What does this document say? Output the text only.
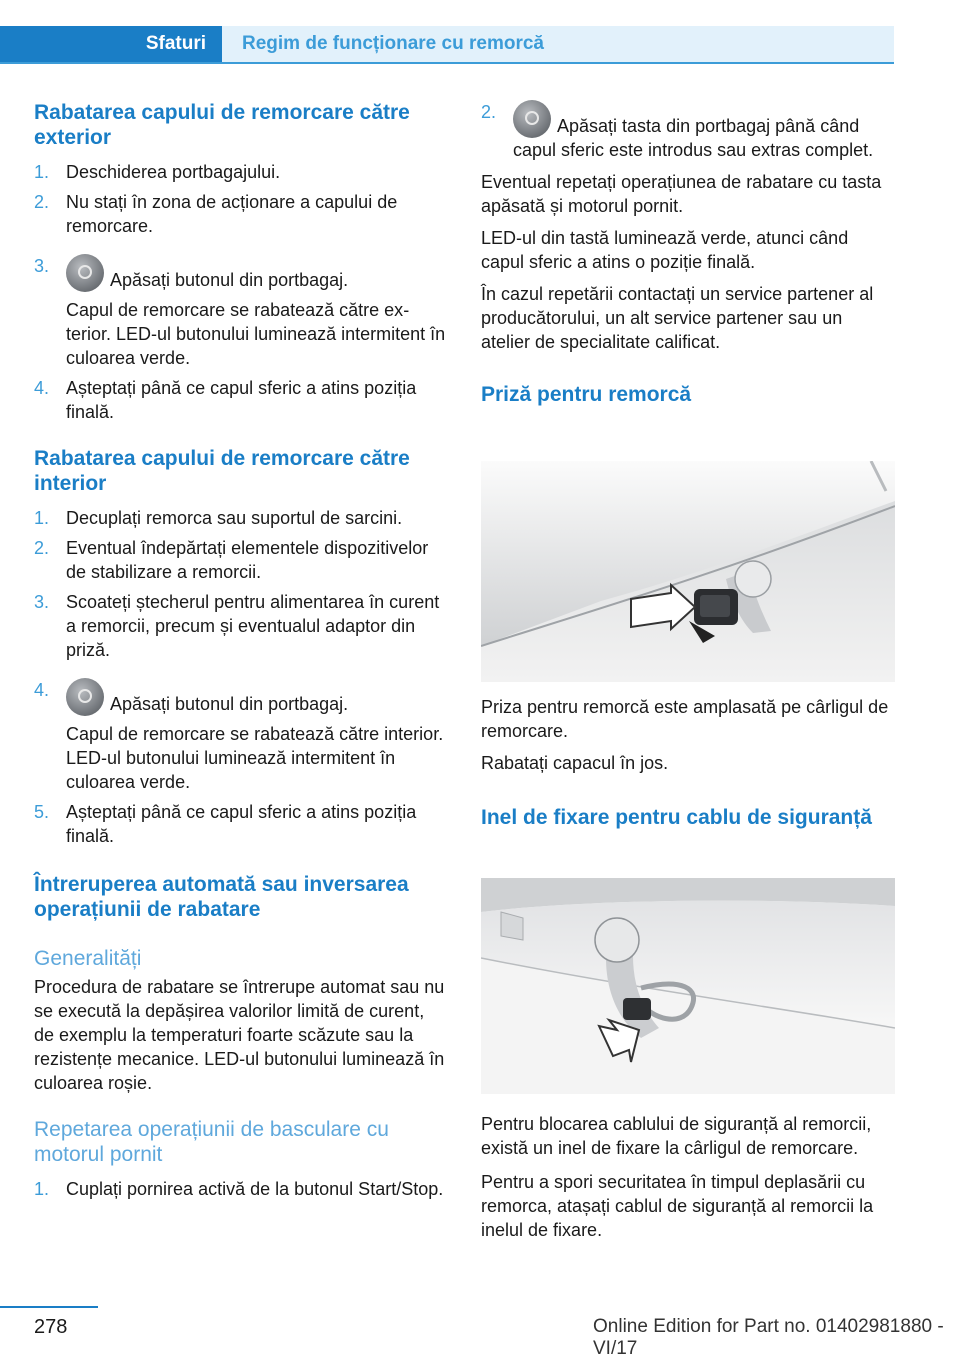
Sfaturi Regim de funcționare cu remorcă
Rabatarea capului de remorcare către exterior
1. Deschiderea portbagajului.
2. Nu stați în zona de acționare a capului de remorcare.
3.
Apăsați butonul din portbagaj.
Capul de remorcare se rabatează către exterior. LED-ul butonului luminează intermitent în culoarea verde.
4. Așteptați până ce capul sferic a atins poziția finală.
Rabatarea capului de remorcare către interior
1. Decuplați remorca sau suportul de sarcini.
2. Eventual îndepărtați elementele dispozitivelor de stabilizare a remorcii.
3. Scoateți ștecherul pentru alimentarea în curent a remorcii, precum și eventualul adaptor din priză.
4.
Apăsați butonul din portbagaj.
Capul de remorcare se rabatează către interior. LED-ul butonului luminează intermitent în culoarea verde.
5. Așteptați până ce capul sferic a atins poziția finală.
Întreruperea automată sau inversarea operațiunii de rabatare
Generalități

Procedura de rabatare se întrerupe automat sau nu se execută la depășirea valorilor limită de curent, de exemplu la temperaturi foarte scăzute sau la rezistențe mecanice. LED-ul butonului luminează în culoarea roșie.

Repetarea operațiunii de basculare cu motorul pornit
1. Cuplați pornirea activă de la butonul Start/Stop.
2.
Apăsați tasta din portbagaj până când capul sferic este introdus sau extras complet.

Eventual repetați operațiunea de rabatare cu tasta apăsată și motorul pornit.

LED-ul din tastă luminează verde, atunci când capul sferic a atins o poziție finală.

În cazul repetării contactați un service partener al producătorului, un alt service partener sau un atelier de specialitate calificat.

Priză pentru remorcă

Priza pentru remorcă este amplasată pe cârligul de remorcare.

Rabatați capacul în jos.

Inel de fixare pentru cablu de siguranță

Pentru blocarea cablului de siguranță al remorcii, există un inel de fixare la cârligul de remorcare.

Pentru a spori securitatea în timpul deplasării cu remorca, atașați cablul de siguranță al remorcii la inelul de fixare.

278	Online Edition for Part no. 01402981880 - VI/17
